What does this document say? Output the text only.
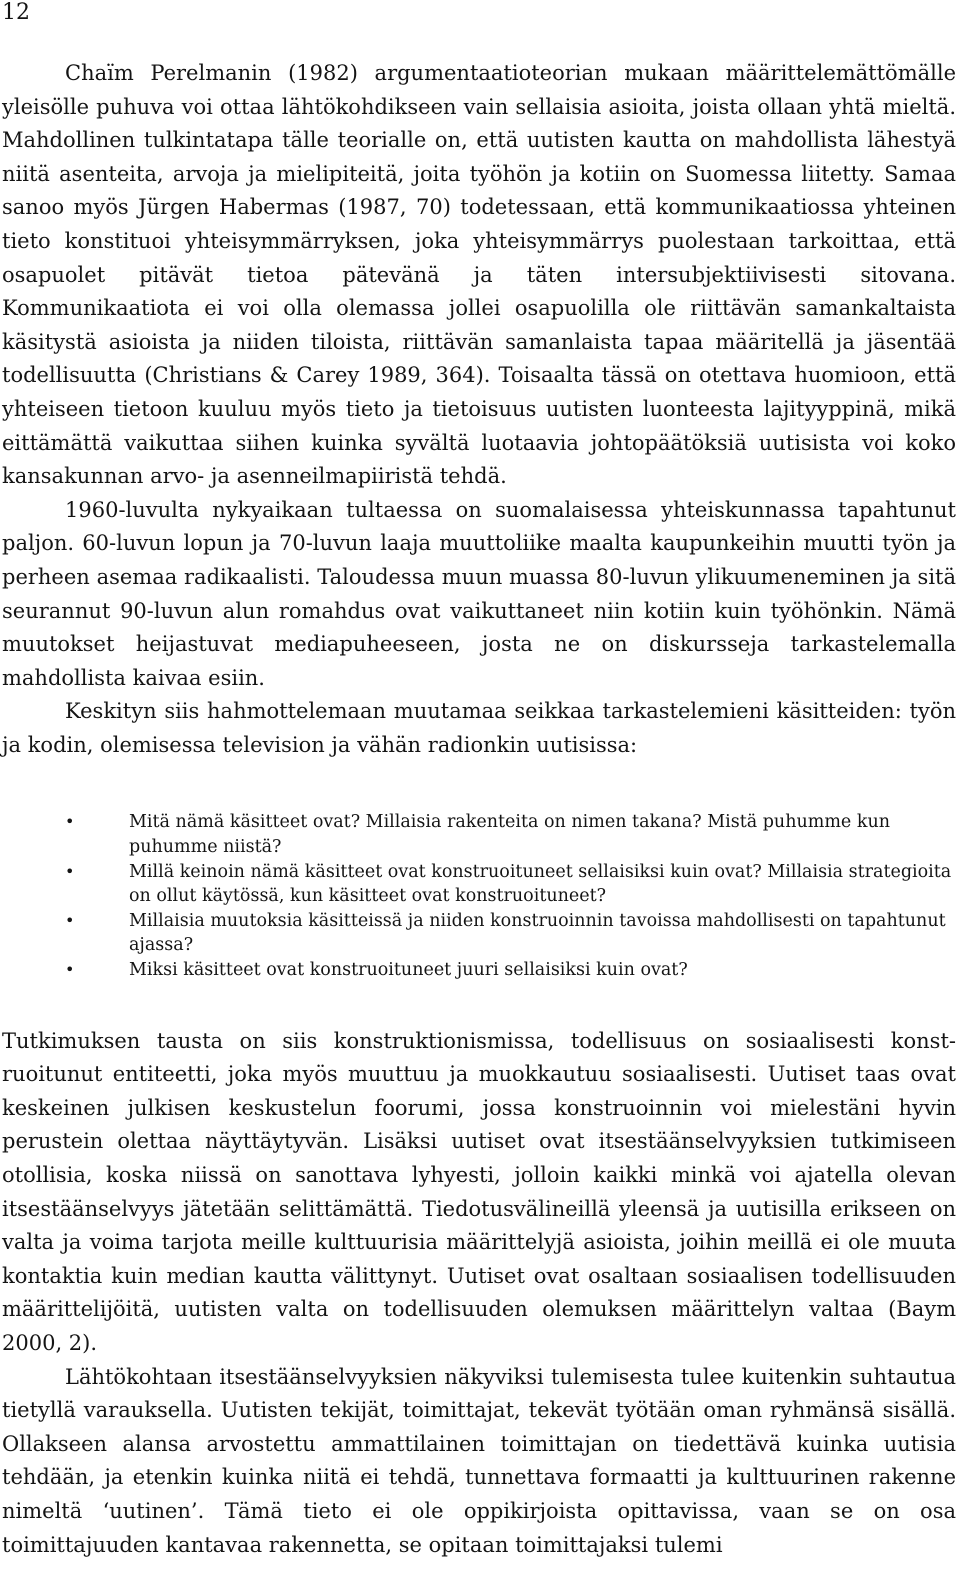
12

Chaïm Perelmanin (1982) argumentaatioteorian mukaan määrittelemättömälle yleisölle puhuva voi ottaa lähtökohdikseen vain sellaisia asioita, joista ollaan yhtä mieltä. Mahdollinen tulkintatapa tälle teorialle on, että uutisten kautta on mahdollista lähestyä niitä asenteita, arvoja ja mielipiteitä, joita työhön ja kotiin on Suomessa liitetty. Samaa sanoo myös Jürgen Habermas (1987, 70) todetessaan, että kommunikaatiossa yhteinen tieto konstituoi yhteisymmärryksen, joka yhteisymmärrys puolestaan tarkoittaa, että osapuolet pitävät tietoa pätevänä ja täten intersubjektiivisesti sitovana. Kommunikaatiota ei voi olla olemassa jollei osapuolilla ole riittävän samankaltaista käsitystä asioista ja niiden tiloista, riittävän samanlaista tapaa määritellä ja jäsentää todellisuutta (Christians & Carey 1989, 364). Toisaalta tässä on otettava huomioon, että yhteiseen tietoon kuuluu myös tieto ja tietoisuus uutisten luonteesta lajityyppinä, mikä eittämättä vaikuttaa siihen kuinka syvältä luotaavia johtopäätöksiä uutisista voi koko kansakunnan arvo- ja asenneilmapiiristä tehdä.

1960-luvulta nykyaikaan tultaessa on suomalaisessa yhteiskunnassa tapahtunut paljon. 60-luvun lopun ja 70-luvun laaja muuttoliike maalta kaupunkeihin muutti työn ja perheen asemaa radikaalisti. Taloudessa muun muassa 80-luvun ylikuumeneminen ja sitä seurannut 90-luvun alun romahdus ovat vaikuttaneet niin kotiin kuin työhönkin. Nämä muutokset heijastuvat mediapuheeseen, josta ne on diskursseja tarkastelemalla mahdollista kaivaa esiin.

Keskityn siis hahmottelemaan muutamaa seikkaa tarkastelemieni käsitteiden: työn ja kodin, olemisessa television ja vähän radionkin uutisissa:

•	Mitä nämä käsitteet ovat? Millaisia rakenteita on nimen takana? Mistä puhumme kun puhumme niistä?
•	Millä keinoin nämä käsitteet ovat konstruoituneet sellaisiksi kuin ovat? Millaisia strategioita on ollut käytössä, kun käsitteet ovat konstruoituneet?
•	Millaisia muutoksia käsitteissä ja niiden konstruoinnin tavoissa mahdollisesti on tapahtunut ajassa?
•	Miksi käsitteet ovat konstruoituneet juuri sellaisiksi kuin ovat?

Tutkimuksen tausta on siis konstruktionismissa, todellisuus on sosiaalisesti konstruoitunut entiteetti, joka myös muuttuu ja muokkautuu sosiaalisesti. Uutiset taas ovat keskeinen julkisen keskustelun foorumi, jossa konstruoinnin voi mielestäni hyvin perustein olettaa näyttäytyvän. Lisäksi uutiset ovat itsestäänselvyyksien tutkimiseen otollisia, koska niissä on sanottava lyhyesti, jolloin kaikki minkä voi ajatella olevan itsestäänselvyys jätetään selittämättä. Tiedotusvälineillä yleensä ja uutisilla erikseen on valta ja voima tarjota meille kulttuurisia määrittelyjä asioista, joihin meillä ei ole muuta kontaktia kuin median kautta välittynyt. Uutiset ovat osaltaan sosiaalisen todellisuuden määrittelijöitä, uutisten valta on todellisuuden olemuksen määrittelyn valtaa (Baym 2000, 2).

Lähtökohtaan itsestäänselvyyksien näkyviksi tulemisesta tulee kuitenkin suhtautua tietyllä varauksella. Uutisten tekijät, toimittajat, tekevät työtään oman ryhmänsä sisällä. Ollakseen alansa arvostettu ammattilainen toimittajan on tiedettävä kuinka uutisia tehdään, ja etenkin kuinka niitä ei tehdä, tunnettava formaatti ja kulttuurinen rakenne nimeltä ‘uutinen’. Tämä tieto ei ole oppikirjoista opittavissa, vaan se on osa toimittajuuden kantavaa rakennetta, se opitaan toimittajaksi tulemi
